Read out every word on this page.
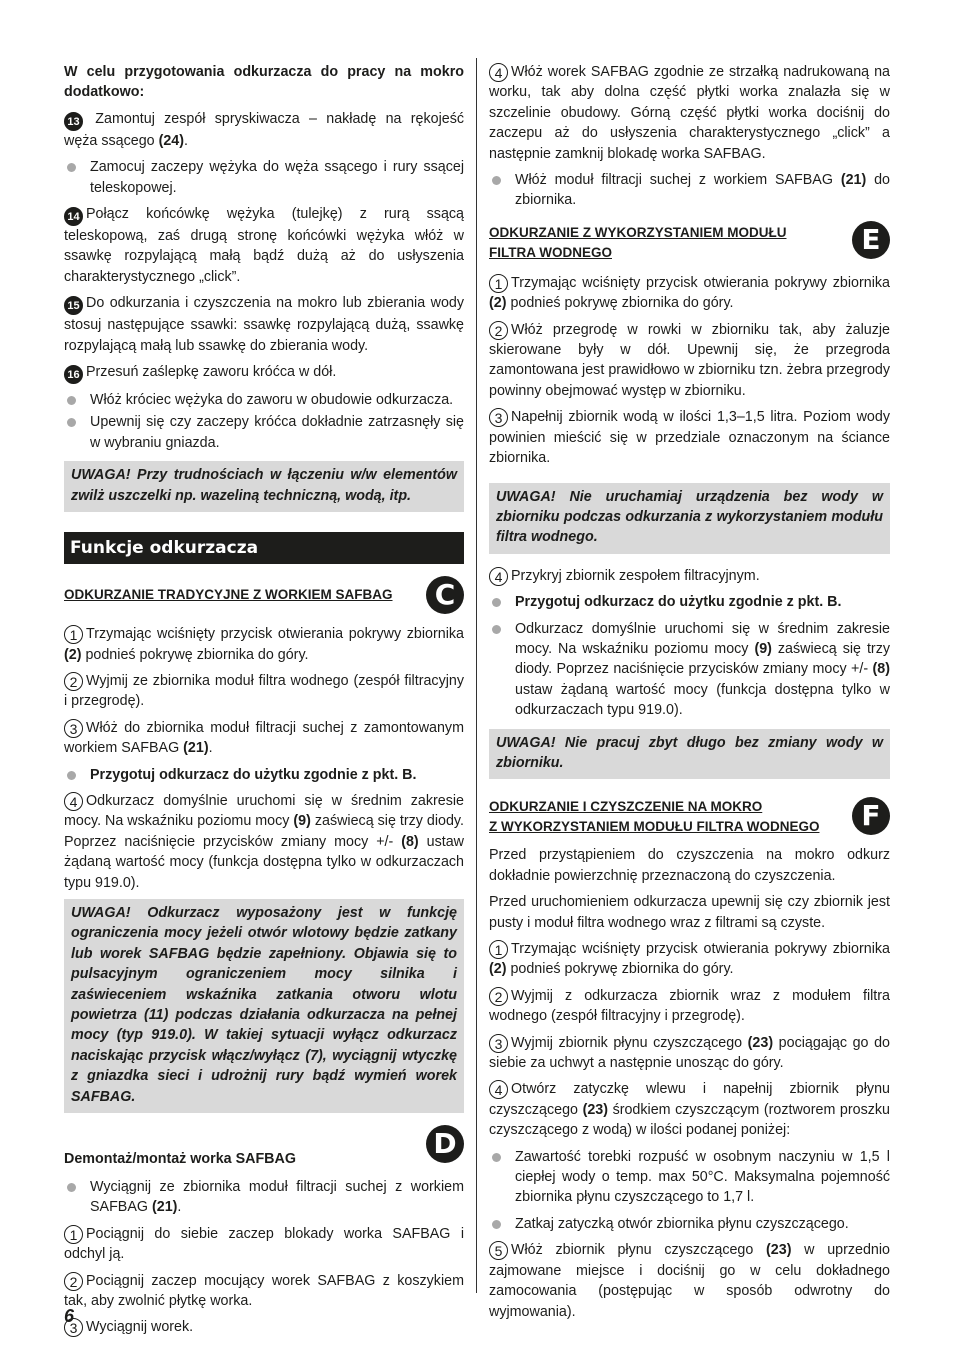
W celu przygotowania odkurzacza do pracy na mokro dodatkowo:

13 Zamontuj zespół spryskiwacza – nakładę na rękojeść węża ssącego (24).

Zamocuj zaczepy wężyka do węża ssącego i rury ssącej teleskopowej.

14 Połącz końcówkę wężyka (tulejkę) z rurą ssącą teleskopową, zaś drugą stronę końcówki wężyka włóż w ssawkę rozpylającą małą bądź dużą aż do usłyszenia charakterystycznego „click”.

15 Do odkurzania i czyszczenia na mokro lub zbierania wody stosuj następujące ssawki: ssawkę rozpylającą dużą, ssawkę rozpylającą małą lub ssawkę do zbierania wody.

16 Przesuń zaślepkę zaworu króćca w dół.

Włóż króciec wężyka do zaworu w obudowie odkurzacza.

Upewnij się czy zaczepy króćca dokładnie zatrzasnęły się w wybraniu gniazda.

UWAGA! Przy trudnościach w łączeniu w/w elementów zwilż uszczelki np. wazeliną techniczną, wodą, itp.
Funkcje odkurzacza
ODKURZANIE TRADYCYJNE Z WORKIEM SAFBAG	C

1 Trzymając wciśnięty przycisk otwierania pokrywy zbiornika (2) podnieś pokrywę zbiornika do góry.

2 Wyjmij ze zbiornika moduł filtra wodnego (zespół filtracyjny i przegrodę).

3 Włóż do zbiornika moduł filtracji suchej z zamontowanym workiem SAFBAG (21).

Przygotuj odkurzacz do użytku zgodnie z pkt. B.

4 Odkurzacz domyślnie uruchomi się w średnim zakresie mocy. Na wskaźniku poziomu mocy (9) zaświecą się trzy diody. Poprzez naciśnięcie przycisków zmiany mocy +/- (8) ustaw żądaną wartość mocy (funkcja dostępna tylko w odkurzaczach typu 919.0).

UWAGA! Odkurzacz wyposażony jest w funkcję ograniczenia mocy jeżeli otwór wlotowy będzie zatkany lub worek SAFBAG będzie zapełniony. Objawia się to pulsacyjnym ograniczeniem mocy silnika i zaświeceniem wskaźnika zatkania otworu wlotu powietrza (11) podczas działania odkurzacza na pełnej mocy (typ 919.0). W takiej sytuacji wyłącz odkurzacz naciskając przycisk włącz/wyłącz (7), wyciągnij wtyczkę z gniazdka sieci i udrożnij rury bądź wymień worek SAFBAG.
Demontaż/montaż worka SAFBAG	D

Wyciągnij ze zbiornika moduł filtracji suchej z workiem SAFBAG (21).

1 Pociągnij do siebie zaczep blokady worka SAFBAG i odchyl ją.

2 Pociągnij zaczep mocujący worek SAFBAG z koszykiem tak, aby zwolnić płytkę worka.

3 Wyciągnij worek.

4 Włóż worek SAFBAG zgodnie ze strzałką nadrukowaną na worku, tak aby dolna część płytki worka znalazła się w szczelinie obudowy. Górną część płytki worka dociśnij do zaczepu aż do usłyszenia charakterystycznego „click” a następnie zamknij blokadę worka SAFBAG.

Włóż moduł filtracji suchej z workiem SAFBAG (21) do zbiornika.

ODKURZANIE Z WYKORZYSTANIEM MODUŁU
FILTRA WODNEGO	E

1 Trzymając wciśnięty przycisk otwierania pokrywy zbiornika (2) podnieś pokrywę zbiornika do góry.

2 Włóż przegrodę w rowki w zbiorniku tak, aby żaluzje skierowane były w dół. Upewnij się, że przegroda zamontowana jest prawidłowo w zbiorniku tzn. żebra przegrody powinny obejmować występ w zbiorniku.

3 Napełnij zbiornik wodą w ilości 1,3–1,5 litra. Poziom wody powinien mieścić się w przedziale oznaczonym na ściance zbiornika.

UWAGA! Nie uruchamiaj urządzenia bez wody w zbiorniku podczas odkurzania z wykorzystaniem modułu filtra wodnego.

4 Przykryj zbiornik zespołem filtracyjnym.

Przygotuj odkurzacz do użytku zgodnie z pkt. B.

Odkurzacz domyślnie uruchomi się w średnim zakresie mocy. Na wskaźniku poziomu mocy (9) zaświecą się trzy diody. Poprzez naciśnięcie przycisków zmiany mocy +/- (8) ustaw żądaną wartość mocy (funkcja dostępna tylko w odkurzaczach typu 919.0).

UWAGA! Nie pracuj zbyt długo bez zmiany wody w zbiorniku.
ODKURZANIE I CZYSZCZENIE NA MOKRO
Z WYKORZYSTANIEM MODUŁU FILTRA WODNEGO	F

Przed przystąpieniem do czyszczenia na mokro odkurz dokładnie powierzchnię przeznaczoną do czyszczenia.

Przed uruchomieniem odkurzacza upewnij się czy zbiornik jest pusty i moduł filtra wodnego wraz z filtrami są czyste.

1 Trzymając wciśnięty przycisk otwierania pokrywy zbiornika (2) podnieś pokrywę zbiornika do góry.

2 Wyjmij z odkurzacza zbiornik wraz z modułem filtra wodnego (zespół filtracyjny i przegrodę).

3 Wyjmij zbiornik płynu czyszczącego (23) pociągając go do siebie za uchwyt a następnie unosząc do góry.

4 Otwórz zatyczkę wlewu i napełnij zbiornik płynu czyszczącego (23) środkiem czyszczącym (roztworem proszku czyszczącego z wodą) w ilości podanej poniżej:

Zawartość torebki rozpuść w osobnym naczyniu w 1,5 l ciepłej wody o temp. max 50°C. Maksymalna pojemność zbiornika płynu czyszczącego to 1,7 l.

Zatkaj zatyczką otwór zbiornika płynu czyszczącego.

5 Włóż zbiornik płynu czyszczącego (23) w uprzednio zajmowane miejsce i dociśnij go w celu dokładnego zamocowania (postępując w sposób odwrotny do wyjmowania).

6
